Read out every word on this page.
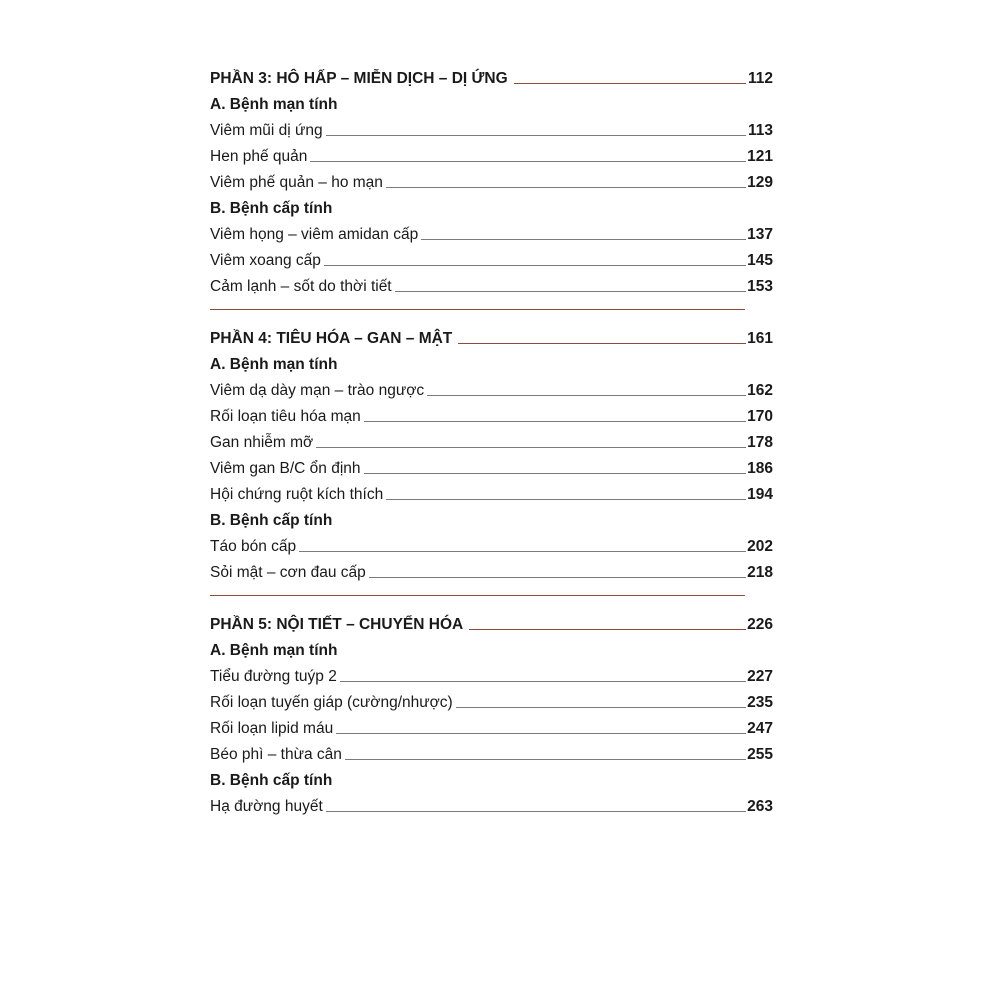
PHẦN 3: HÔ HẤP – MIỄN DỊCH – DỊ ỨNG	112
A. Bệnh mạn tính
Viêm mũi dị ứng	113
Hen phế quản	121
Viêm phế quản – ho mạn	129
B. Bệnh cấp tính
Viêm họng – viêm amidan cấp	137
Viêm xoang cấp	145
Cảm lạnh – sốt do thời tiết	153
PHẦN 4: TIÊU HÓA – GAN – MẬT	161
A. Bệnh mạn tính
Viêm dạ dày mạn – trào ngược	162
Rối loạn tiêu hóa mạn	170
Gan nhiễm mỡ	178
Viêm gan B/C ổn định	186
Hội chứng ruột kích thích	194
B. Bệnh cấp tính
Táo bón cấp	202
Sỏi mật – cơn đau cấp	218
PHẦN 5: NỘI TIẾT – CHUYỂN HÓA	226
A. Bệnh mạn tính
Tiểu đường tuýp 2	227
Rối loạn tuyến giáp (cường/nhược)	235
Rối loạn lipid máu	247
Béo phì – thừa cân	255
B. Bệnh cấp tính
Hạ đường huyết	263
